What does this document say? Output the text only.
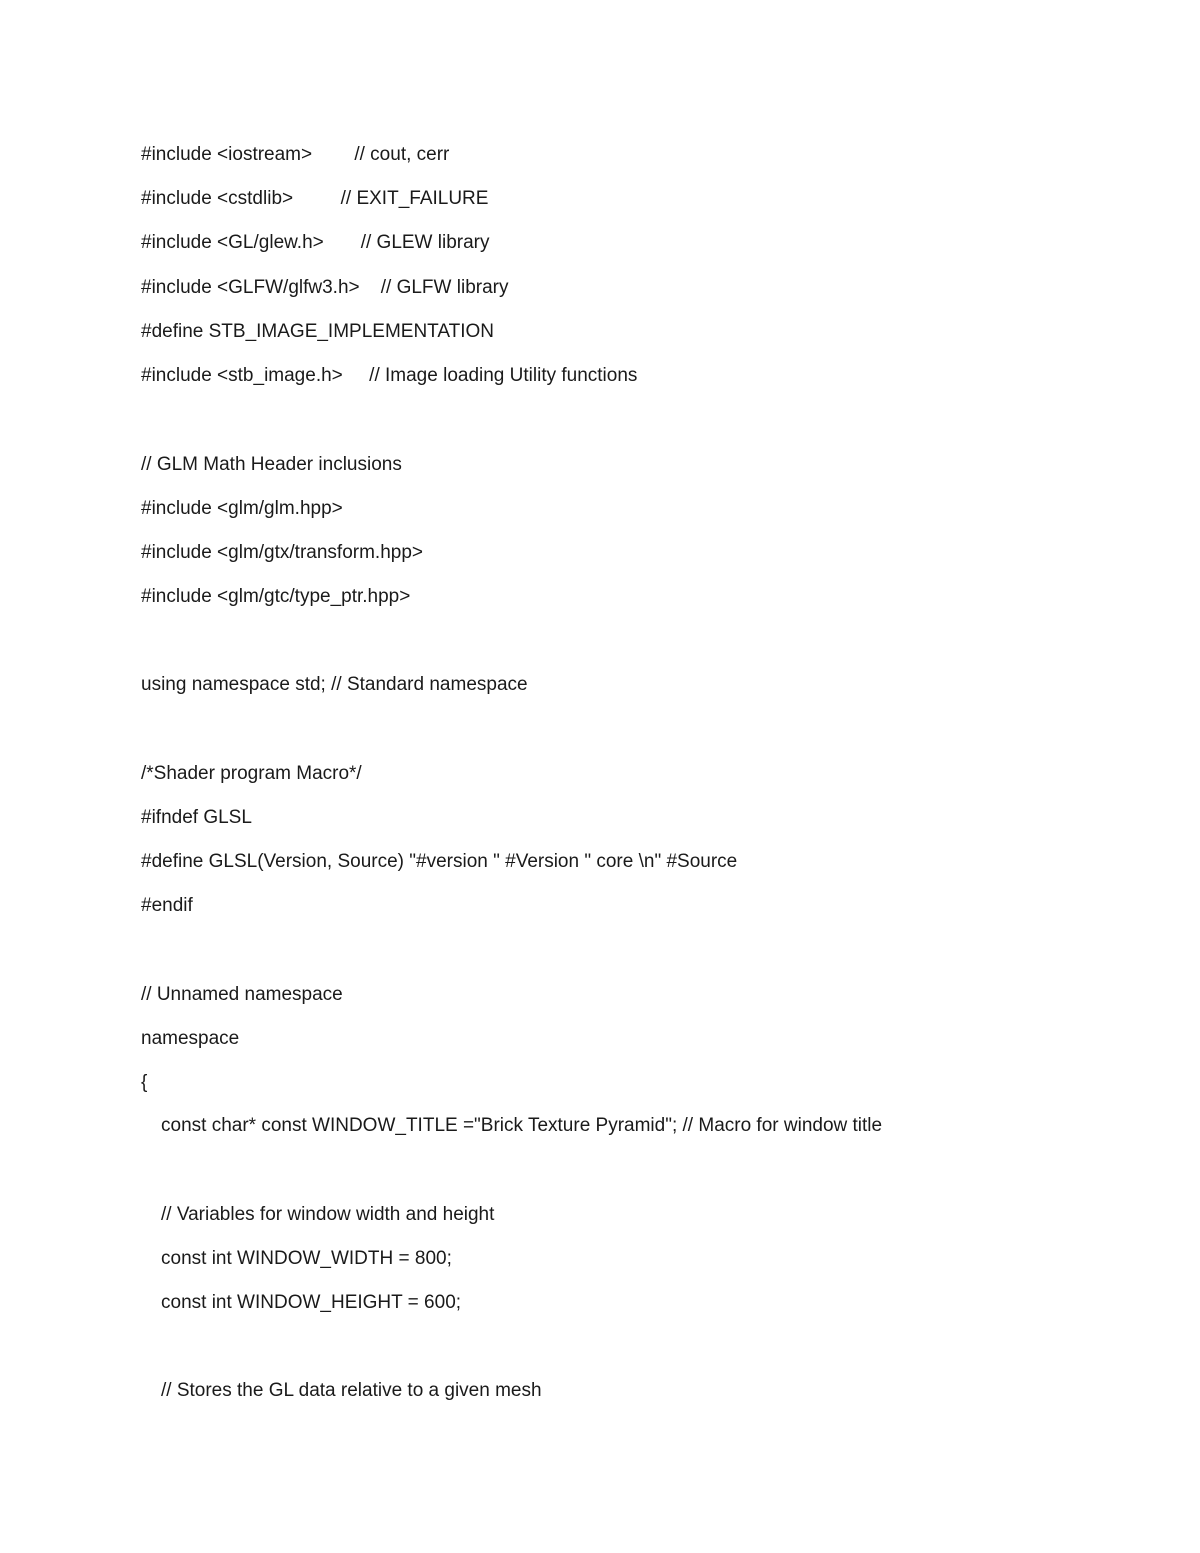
#include <iostream> // cout, cerr
#include <cstdlib>	// EXIT_FAILURE
#include <GL/glew.h> // GLEW library
#include <GLFW/glfw3.h> // GLFW library
#define STB_IMAGE_IMPLEMENTATION
#include <stb_image.h> // Image loading Utility functions
// GLM Math Header inclusions
#include <glm/glm.hpp>
#include <glm/gtx/transform.hpp>
#include <glm/gtc/type_ptr.hpp>
using namespace std; // Standard namespace
/*Shader program Macro*/
#ifndef GLSL
#define GLSL(Version, Source) "#version " #Version " core \n" #Source
#endif
// Unnamed namespace
namespace
{
const char* const WINDOW_TITLE ="Brick Texture Pyramid"; // Macro for window title
// Variables for window width and height
const int WINDOW_WIDTH = 800;
const int WINDOW_HEIGHT = 600;
// Stores the GL data relative to a given mesh
